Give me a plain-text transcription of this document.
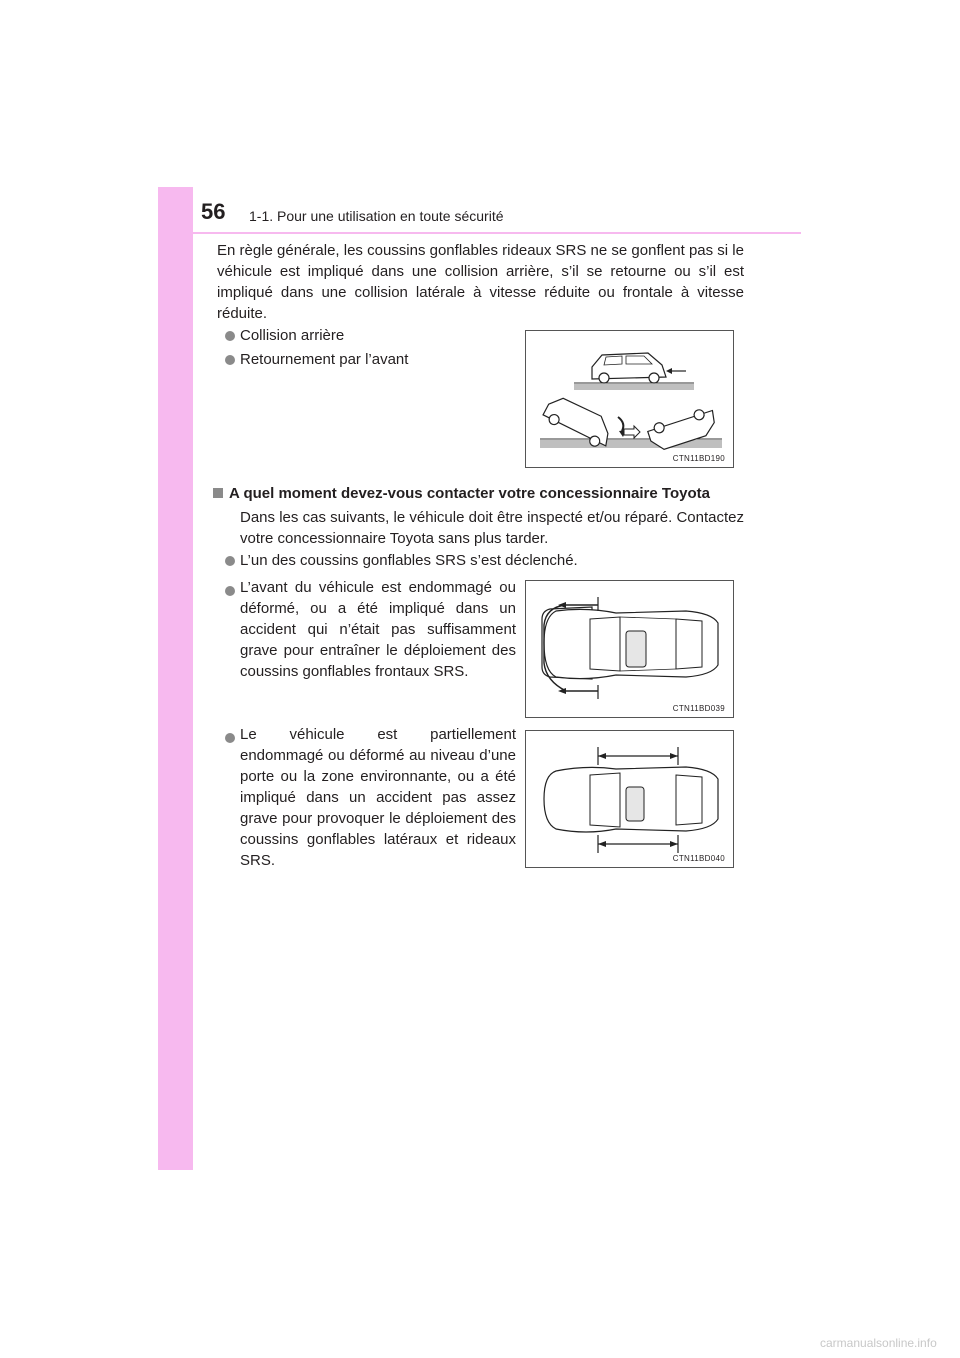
56 1-1. Pour une utilisation en toute sécurité
En règle générale, les coussins gonflables rideaux SRS ne se gonflent pas si le véhicule est impliqué dans une collision arrière, s’il se retourne ou s’il est impliqué dans une collision latérale à vitesse réduite ou frontale à vitesse réduite.
Collision arrière
Retournement par l’avant
CTN11BD190
A quel moment devez-vous contacter votre concessionnaire Toyota
Dans les cas suivants, le véhicule doit être inspecté et/ou réparé. Contactez votre concessionnaire Toyota sans plus tarder.
L’un des coussins gonflables SRS s’est déclenché.
L’avant du véhicule est endommagé ou déformé, ou a été impliqué dans un accident qui n’était pas suffisamment grave pour entraîner le déploiement des coussins gonflables frontaux SRS.
CTN11BD039
Le véhicule est partiellement endommagé ou déformé au niveau d’une porte ou la zone environnante, ou a été impliqué dans un accident pas assez grave pour provoquer le déploiement des coussins gonflables latéraux et rideaux SRS.	CTN11BD040
carmanualsonline.info
